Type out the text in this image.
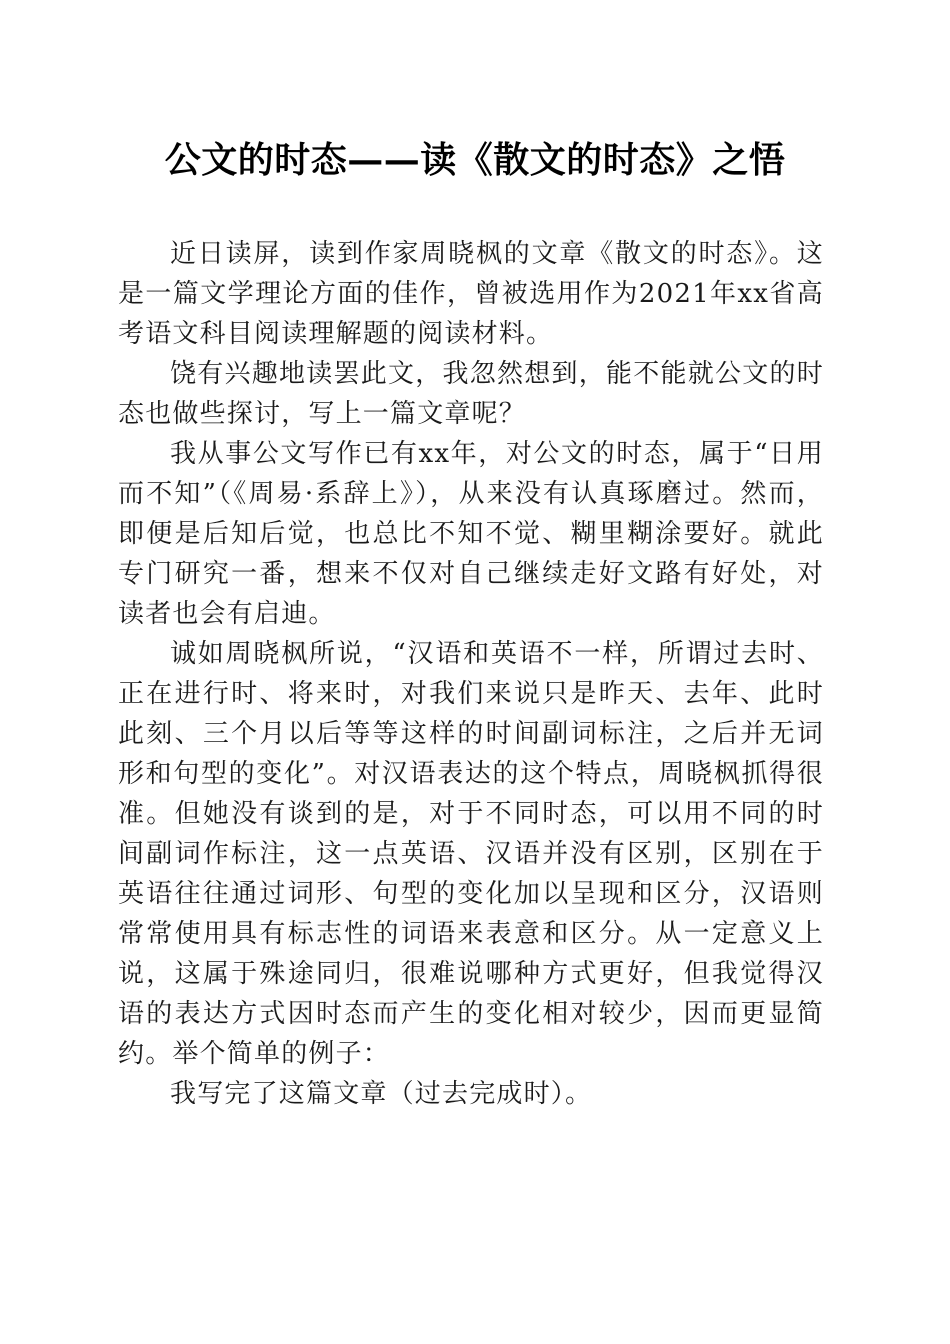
公文的时态——读《散文的时态》之悟

近日读屏，读到作家周晓枫的文章《散文的时态》。这是一篇文学理论方面的佳作，曾被选用作为2021年xx省高考语文科目阅读理解题的阅读材料。

饶有兴趣地读罢此文，我忽然想到，能不能就公文的时态也做些探讨，写上一篇文章呢？

我从事公文写作已有xx年，对公文的时态，属于“日用而不知”（《周易·系辞上》），从来没有认真琢磨过。然而，即便是后知后觉，也总比不知不觉、糊里糊涂要好。就此专门研究一番，想来不仅对自己继续走好文路有好处，对读者也会有启迪。

诚如周晓枫所说，“汉语和英语不一样，所谓过去时、正在进行时、将来时，对我们来说只是昨天、去年、此时此刻、三个月以后等等这样的时间副词标注，之后并无词形和句型的变化”。对汉语表达的这个特点，周晓枫抓得很准。但她没有谈到的是，对于不同时态，可以用不同的时间副词作标注，这一点英语、汉语并没有区别，区别在于英语往往通过词形、句型的变化加以呈现和区分，汉语则常常使用具有标志性的词语来表意和区分。从一定意义上说，这属于殊途同归，很难说哪种方式更好，但我觉得汉语的表达方式因时态而产生的变化相对较少，因而更显简约。举个简单的例子：

我写完了这篇文章（过去完成时）。
